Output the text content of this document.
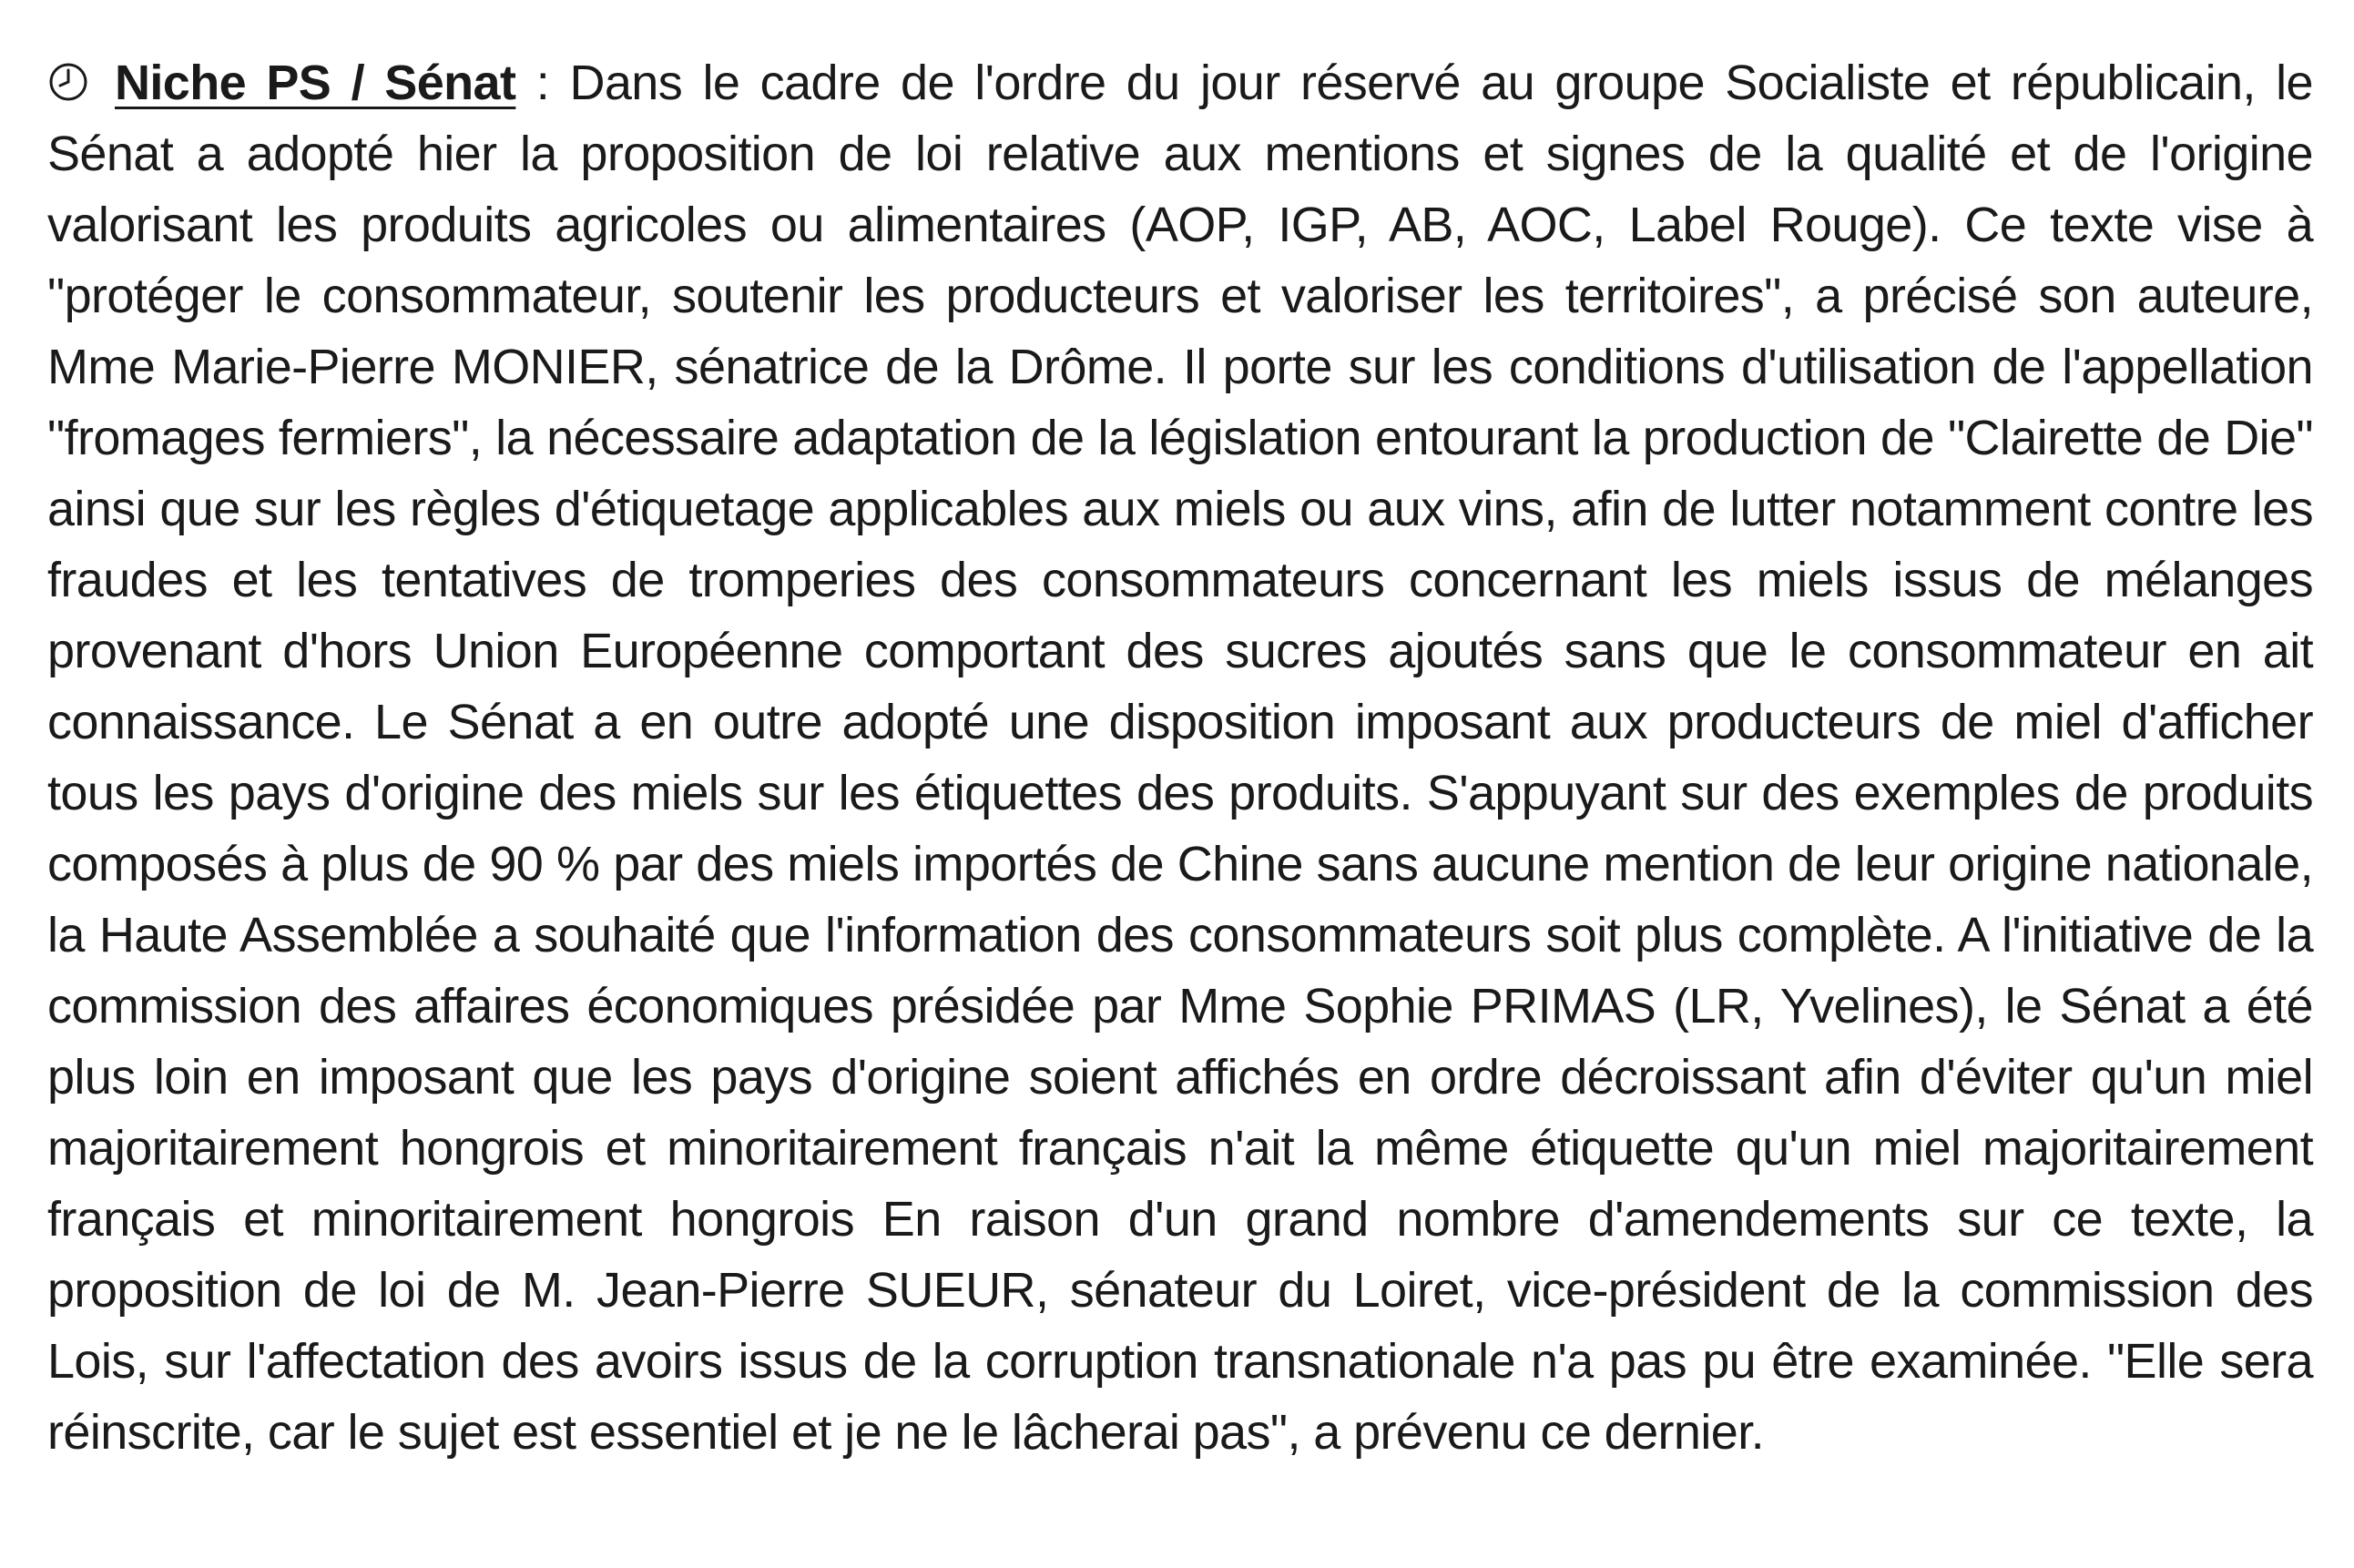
Niche PS / Sénat : Dans le cadre de l'ordre du jour réservé au groupe Socialiste et républicain, le Sénat a adopté hier la proposition de loi relative aux mentions et signes de la qualité et de l'origine valorisant les produits agricoles ou alimentaires (AOP, IGP, AB, AOC, Label Rouge). Ce texte vise à "protéger le consommateur, soutenir les producteurs et valoriser les territoires", a précisé son auteure, Mme Marie-Pierre MONIER, sénatrice de la Drôme. Il porte sur les conditions d'utilisation de l'appellation "fromages fermiers", la nécessaire adaptation de la législation entourant la production de "Clairette de Die" ainsi que sur les règles d'étiquetage applicables aux miels ou aux vins, afin de lutter notamment contre les fraudes et les tentatives de tromperies des consommateurs concernant les miels issus de mélanges provenant d'hors Union Européenne comportant des sucres ajoutés sans que le consommateur en ait connaissance. Le Sénat a en outre adopté une disposition imposant aux producteurs de miel d'afficher tous les pays d'origine des miels sur les étiquettes des produits. S'appuyant sur des exemples de produits composés à plus de 90 % par des miels importés de Chine sans aucune mention de leur origine nationale, la Haute Assemblée a souhaité que l'information des consommateurs soit plus complète. A l'initiative de la commission des affaires économiques présidée par Mme Sophie PRIMAS (LR, Yvelines), le Sénat a été plus loin en imposant que les pays d'origine soient affichés en ordre décroissant afin d'éviter qu'un miel majoritairement hongrois et minoritairement français n'ait la même étiquette qu'un miel majoritairement français et minoritairement hongrois En raison d'un grand nombre d'amendements sur ce texte, la proposition de loi de M. Jean-Pierre SUEUR, sénateur du Loiret, vice-président de la commission des Lois, sur l'affectation des avoirs issus de la corruption transnationale n'a pas pu être examinée. "Elle sera réinscrite, car le sujet est essentiel et je ne le lâcherai pas", a prévenu ce dernier.
